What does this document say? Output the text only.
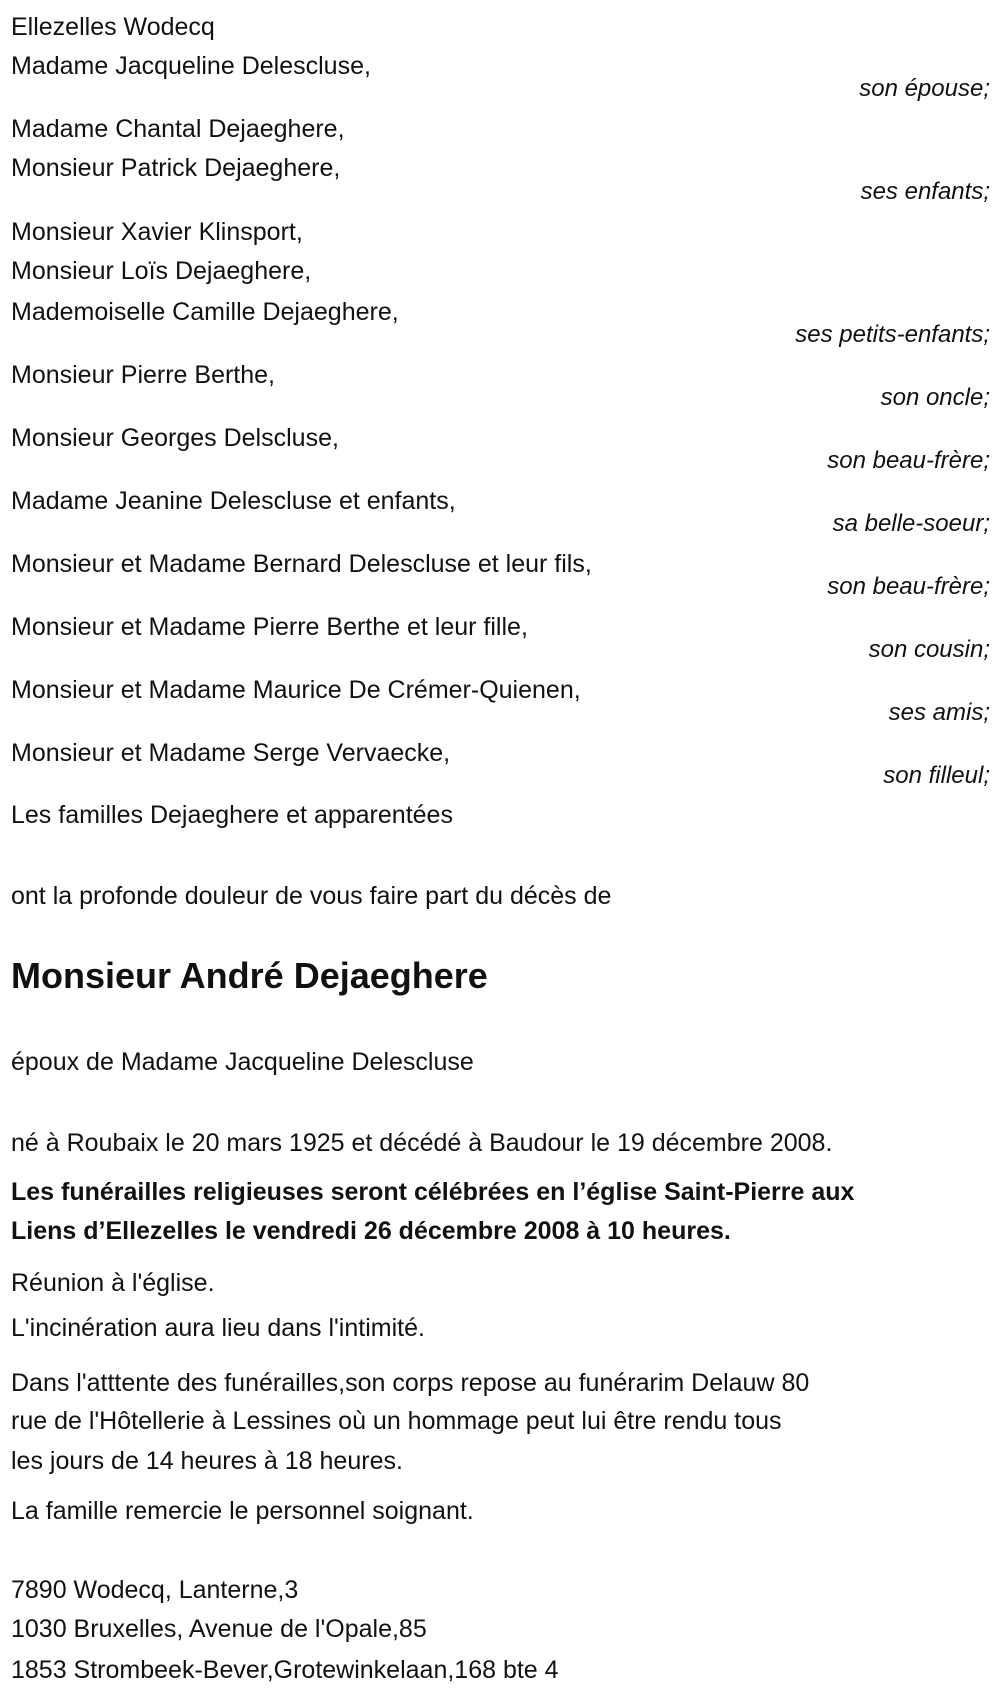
Ellezelles Wodecq
Madame Jacqueline Delescluse,
son épouse;
Madame Chantal Dejaeghere,
Monsieur Patrick Dejaeghere,
ses enfants;
Monsieur Xavier Klinsport,
Monsieur Loïs Dejaeghere,
Mademoiselle Camille Dejaeghere,
ses petits-enfants;
Monsieur Pierre Berthe,
son oncle;
Monsieur Georges Delscluse,
son beau-frère;
Madame Jeanine Delescluse et enfants,
sa belle-soeur;
Monsieur et Madame Bernard Delescluse et leur fils,
son beau-frère;
Monsieur et Madame Pierre Berthe et leur fille,
son cousin;
Monsieur et Madame Maurice De Crémer-Quienen,
ses amis;
Monsieur et Madame Serge Vervaecke,
son filleul;
Les familles Dejaeghere et apparentées
ont la profonde douleur de vous faire part du décès de
Monsieur André Dejaeghere
époux de Madame Jacqueline Delescluse
né à Roubaix le 20 mars 1925 et décédé à Baudour le 19 décembre 2008.
Les funérailles religieuses seront célébrées en l’église Saint-Pierre aux
Liens d’Ellezelles le vendredi 26 décembre 2008 à 10 heures.
Réunion à l'église.
L'incinération aura lieu dans l'intimité.
Dans l'atttente des funérailles,son corps repose au funérarim Delauw 80
rue de l'Hôtellerie à Lessines où un hommage peut lui être rendu tous
les jours de 14 heures à 18 heures.
La famille remercie le personnel soignant.
7890 Wodecq, Lanterne,3
1030 Bruxelles, Avenue de l'Opale,85
1853 Strombeek-Bever,Grotewinkelaan,168 bte 4
